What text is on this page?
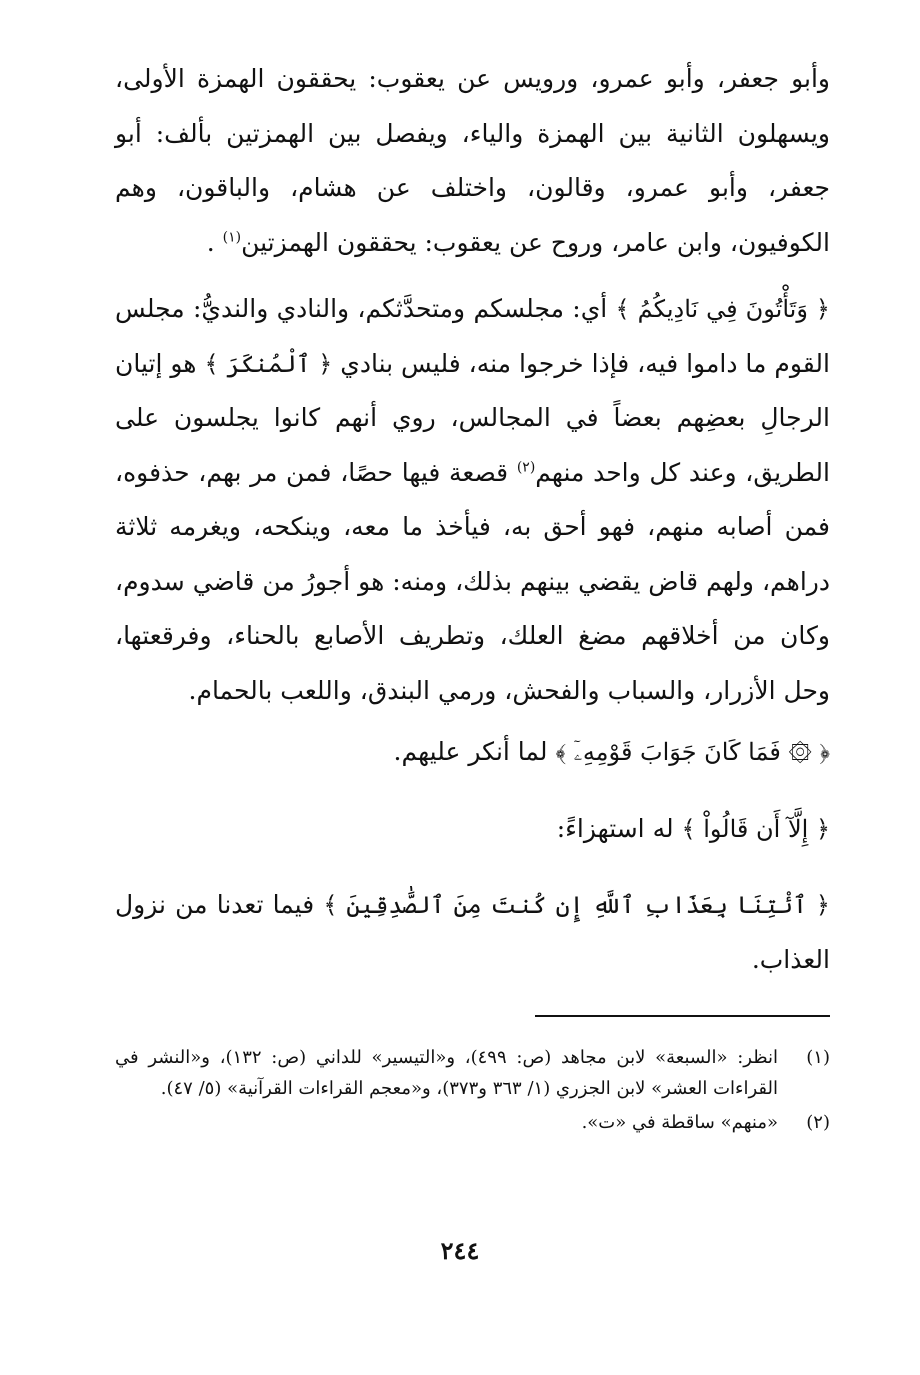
وأبو جعفر، وأبو عمرو، ورويس عن يعقوب: يحققون الهمزة الأولى، ويسهلون الثانية بين الهمزة والياء، ويفصل بين الهمزتين بألف: أبو جعفر، وأبو عمرو، وقالون، واختلف عن هشام، والباقون، وهم الكوفيون، وابن عامر، وروح عن يعقوب: يحققون الهمزتين$^{(١)}$ .

﴿ وَتَأْتُونَ فِي نَادِيكُمُ ﴾ أي: مجلسكم ومتحدَّثكم، والنادي والنديُّ: مجلس القوم ما داموا فيه، فإذا خرجوا منه، فليس بنادي ﴿ ٱلْمُنكَرَ ﴾ هو إتيان الرجالِ بعضِهم بعضاً في المجالس، روي أنهم كانوا يجلسون على الطريق، وعند كل واحد منهم$^{(٢)}$ قصعة فيها حصًا، فمن مر بهم، حذفوه، فمن أصابه منهم، فهو أحق به، فيأخذ ما معه، وينكحه، ويغرمه ثلاثة دراهم، ولهم قاض يقضي بينهم بذلك، ومنه: هو أجورُ من قاضي سدوم، وكان من أخلاقهم مضغ العلك، وتطريف الأصابع بالحناء، وفرقعتها، وحل الأزرار، والسباب والفحش، ورمي البندق، واللعب بالحمام.

﴿ ۞ فَمَا كَانَ جَوَابَ قَوْمِهِۦٓ ﴾ لما أنكر عليهم.

﴿ إِلَّآ أَن قَالُواْ ﴾ له استهزاءً:

﴿ ٱئْتِنَا بِعَذَابِ ٱللَّهِ إِن كُنتَ مِنَ ٱلصَّٰدِقِينَ ﴾ فيما تعدنا من نزول العذاب.

(١)
انظر: «السبعة» لابن مجاهد (ص: ٤٩٩)، و«التيسير» للداني (ص: ١٣٢)، و«النشر في القراءات العشر» لابن الجزري (١/ ٣٦٣ و٣٧٣)، و«معجم القراءات القرآنية» (٥/ ٤٧).

(٢)
«منهم» ساقطة في «ت».

٢٤٤
